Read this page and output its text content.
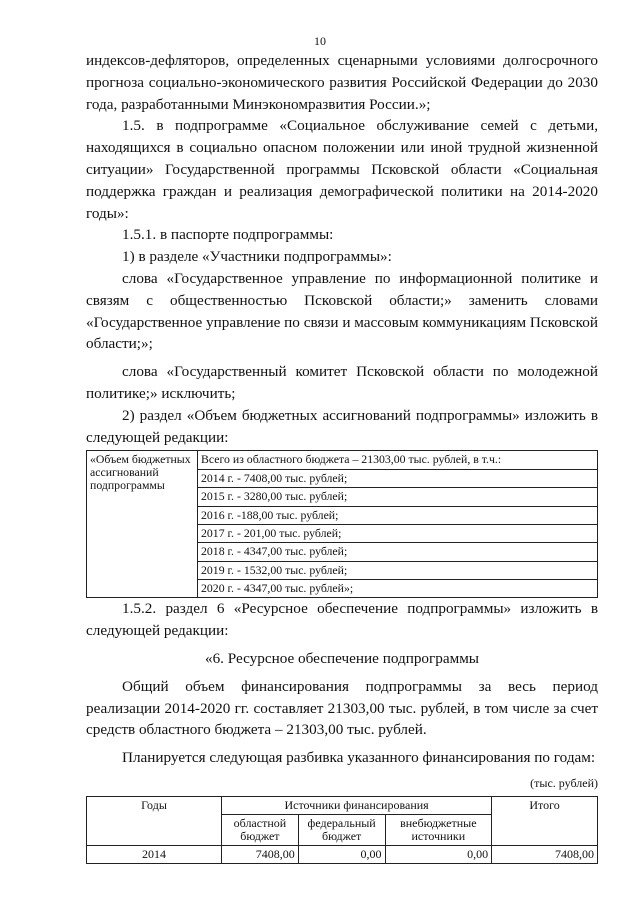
10

индексов-дефляторов, определенных сценарными условиями долгосрочного прогноза социально-экономического развития Российской Федерации до 2030 года, разработанными Минэкономразвития России.»;

1.5. в подпрограмме «Социальное обслуживание семей с детьми, находящихся в социально опасном положении или иной трудной жизненной ситуации» Государственной программы Псковской области «Социальная поддержка граждан и реализация демографической политики на 2014-2020 годы»:

1.5.1. в паспорте подпрограммы:

1) в разделе «Участники подпрограммы»:

слова «Государственное управление по информационной политике и связям с общественностью Псковской области;» заменить словами «Государственное управление по связи и массовым коммуникациям Псковской области;»;

слова «Государственный комитет Псковской области по молодежной политике;» исключить;

2) раздел «Объем бюджетных ассигнований подпрограммы» изложить в следующей редакции:

«Объем бюджетных ассигнований подпрограммы	
Всего из областного бюджета – 21303,00 тыс. рублей, в т.ч.:
2014 г. - 7408,00 тыс. рублей;
2015 г. - 3280,00 тыс. рублей;
2016 г. -188,00 тыс. рублей;
2017 г. - 201,00 тыс. рублей;
2018 г. - 4347,00 тыс. рублей;
2019 г. - 1532,00 тыс. рублей;
2020 г. - 4347,00 тыс. рублей»;

1.5.2. раздел 6 «Ресурсное обеспечение подпрограммы» изложить в следующей редакции:

«6. Ресурсное обеспечение подпрограммы

Общий объем финансирования подпрограммы за весь период реализации 2014-2020 гг. составляет 21303,00 тыс. рублей, в том числе за счет средств областного бюджета – 21303,00 тыс. рублей.

Планируется следующая разбивка указанного финансирования по годам:

(тыс. рублей)
Годы	Источники финансирования			Итого
	областной бюджет	федеральный бюджет	внебюджетные источники	
2014	7408,00	0,00	0,00	7408,00
